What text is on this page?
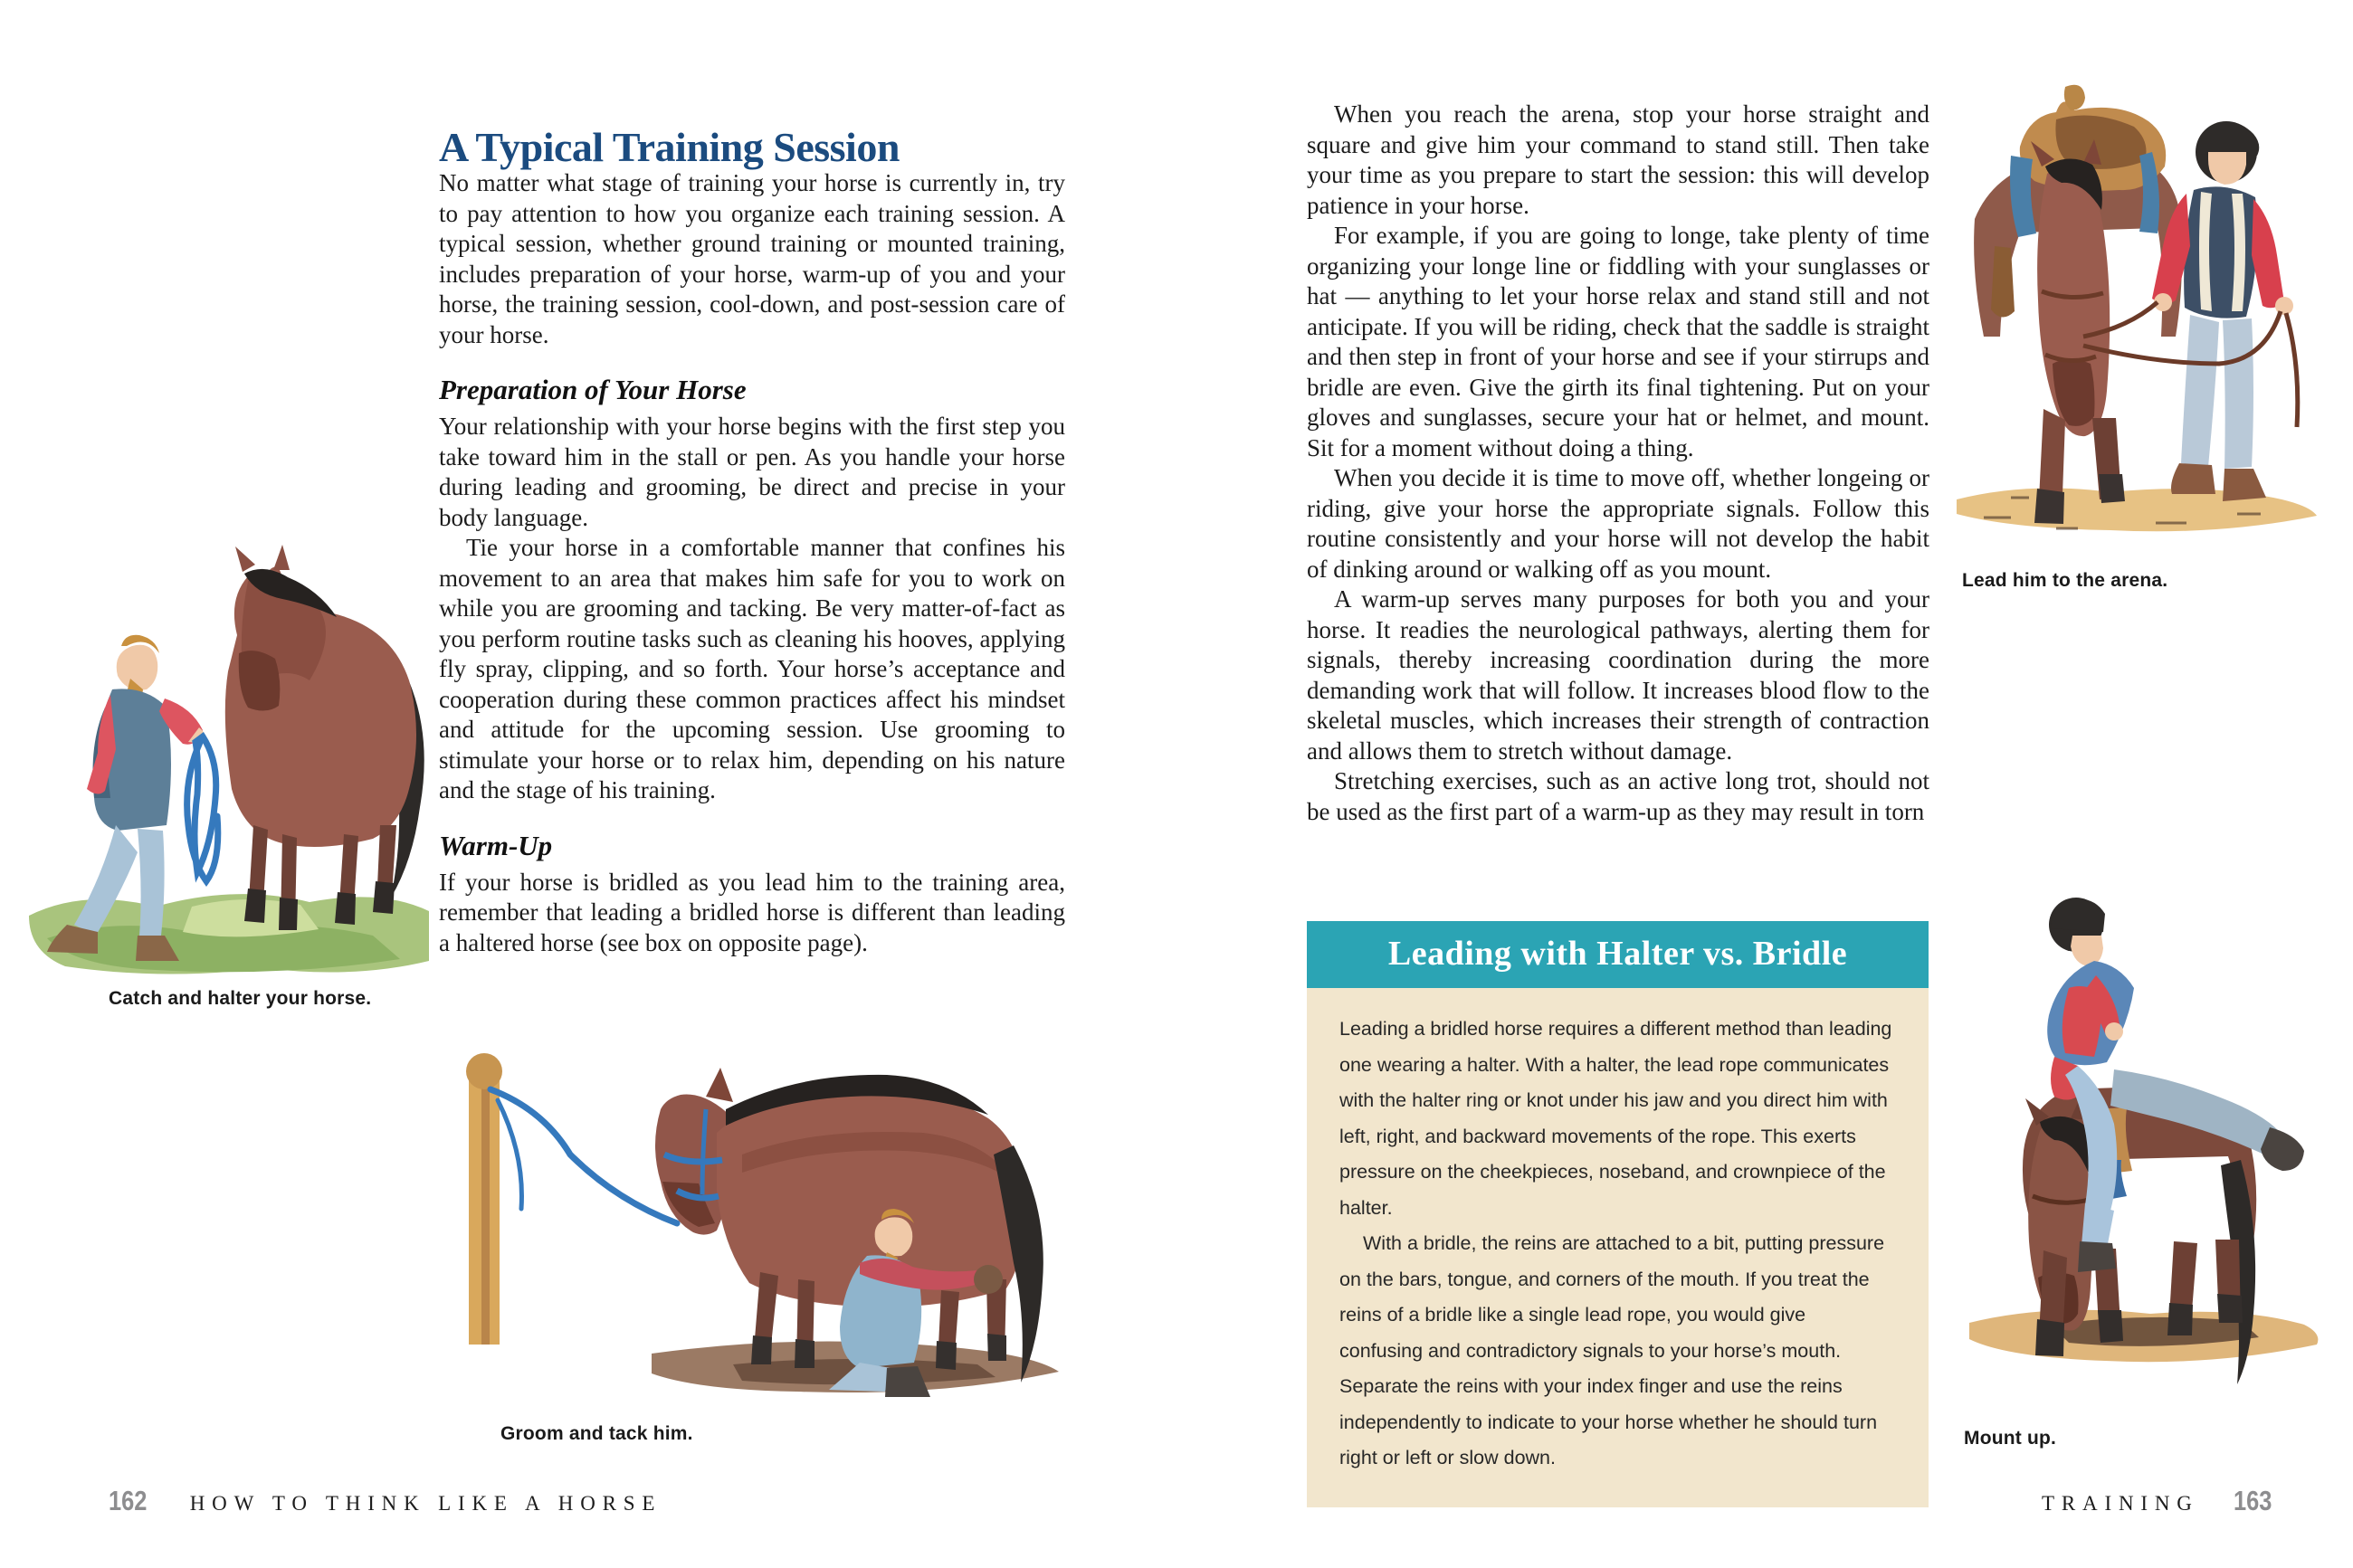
A Typical Training Session

No matter what stage of training your horse is currently in, try to pay attention to how you organize each training session. A typical session, whether ground training or mounted training, includes preparation of your horse, warm-up of you and your horse, the training session, cool-down, and post-session care of your horse.

Preparation of Your Horse

Your relationship with your horse begins with the first step you take toward him in the stall or pen. As you handle your horse during leading and grooming, be direct and precise in your body language.

Tie your horse in a comfortable manner that confines his movement to an area that makes him safe for you to work on while you are grooming and tacking. Be very matter-of-fact as you perform routine tasks such as cleaning his hooves, applying fly spray, clipping, and so forth. Your horse’s acceptance and cooperation during these common practices affect his mindset and attitude for the upcoming session. Use grooming to stimulate your horse or to relax him, depending on his nature and the stage of his training.

Warm-Up

If your horse is bridled as you lead him to the training area, remember that leading a bridled horse is different than leading a haltered horse (see box on opposite page).

Catch and halter your horse.
Groom and tack him.
162 HOW TO THINK LIKE A HORSE

When you reach the arena, stop your horse straight and square and give him your command to stand still. Then take your time as you prepare to start the session: this will develop patience in your horse.

For example, if you are going to longe, take plenty of time organizing your longe line or fiddling with your sunglasses or hat — anything to let your horse relax and stand still and not anticipate. If you will be riding, check that the saddle is straight and then step in front of your horse and see if your stirrups and bridle are even. Give the girth its final tightening. Put on your gloves and sunglasses, secure your hat or helmet, and mount. Sit for a moment without doing a thing.

When you decide it is time to move off, whether longeing or riding, give your horse the appropriate signals. Follow this routine consistently and your horse will not develop the habit of dinking around or walking off as you mount.

A warm-up serves many purposes for both you and your horse. It readies the neurological pathways, alerting them for signals, thereby increasing coordination during the more demanding work that will follow. It increases blood flow to the skeletal muscles, which increases their strength of contraction and allows them to stretch without damage.

Stretching exercises, such as an active long trot, should not be used as the first part of a warm-up as they may result in torn

Leading with Halter vs. Bridle

Leading a bridled horse requires a different method than leading one wearing a halter. With a halter, the lead rope communicates with the halter ring or knot under his jaw and you direct him with left, right, and backward movements of the rope. This exerts pressure on the cheekpieces, noseband, and crownpiece of the halter.

With a bridle, the reins are attached to a bit, putting pressure on the bars, tongue, and corners of the mouth. If you treat the reins of a bridle like a single lead rope, you would give confusing and contradictory signals to your horse’s mouth. Separate the reins with your index finger and use the reins independently to indicate to your horse whether he should turn right or left or slow down.

Lead him to the arena.
Mount up.
TRAINING 163
